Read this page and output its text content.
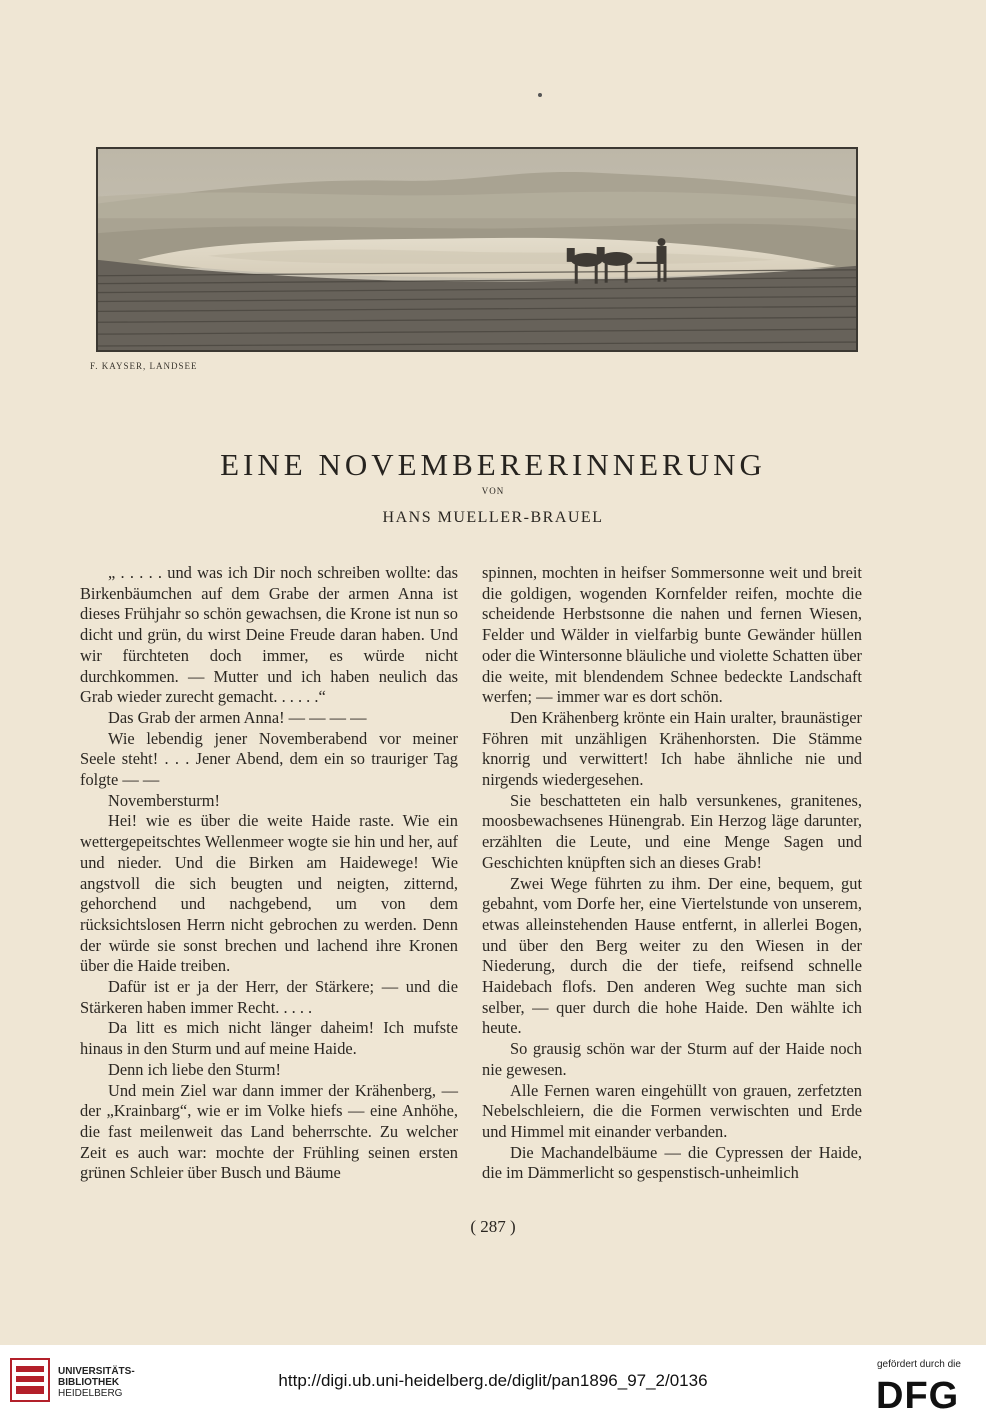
F. KAYSER, LANDSEE
EINE NOVEMBERERINNERUNG
VON
HANS MUELLER-BRAUEL

„ . . . . . und was ich Dir noch schreiben wollte: das Birkenbäumchen auf dem Grabe der armen Anna ist dieses Frühjahr so schön gewachsen, die Krone ist nun so dicht und grün, du wirst Deine Freude daran haben. Und wir fürchteten doch immer, es würde nicht durchkommen. — Mutter und ich haben neulich das Grab wieder zurecht gemacht. . . . . .“

Das Grab der armen Anna! — — — —

Wie lebendig jener Novemberabend vor meiner Seele steht! . . . Jener Abend, dem ein so trauriger Tag folgte — —

Novembersturm!

Hei! wie es über die weite Haide raste. Wie ein wettergepeitschtes Wellenmeer wogte sie hin und her, auf und nieder. Und die Birken am Haidewege! Wie angstvoll die sich beugten und neigten, zitternd, gehorchend und nachgebend, um von dem rücksichtslosen Herrn nicht gebrochen zu werden. Denn der würde sie sonst brechen und lachend ihre Kronen über die Haide treiben.

Dafür ist er ja der Herr, der Stärkere; — und die Stärkeren haben immer Recht. . . . .

Da litt es mich nicht länger daheim! Ich mufste hinaus in den Sturm und auf meine Haide.

Denn ich liebe den Sturm!

Und mein Ziel war dann immer der Krähenberg, — der „Krainbarg“, wie er im Volke hiefs — eine Anhöhe, die fast meilenweit das Land beherrschte. Zu welcher Zeit es auch war: mochte der Frühling seinen ersten grünen Schleier über Busch und Bäume

spinnen, mochten in heifser Sommersonne weit und breit die goldigen, wogenden Kornfelder reifen, mochte die scheidende Herbstsonne die nahen und fernen Wiesen, Felder und Wälder in vielfarbig bunte Gewänder hüllen oder die Wintersonne bläuliche und violette Schatten über die weite, mit blendendem Schnee bedeckte Landschaft werfen; — immer war es dort schön.

Den Krähenberg krönte ein Hain uralter, braunästiger Föhren mit unzähligen Krähenhorsten. Die Stämme knorrig und verwittert! Ich habe ähnliche nie und nirgends wiedergesehen.

Sie beschatteten ein halb versunkenes, granitenes, moosbewachsenes Hünengrab. Ein Herzog läge darunter, erzählten die Leute, und eine Menge Sagen und Geschichten knüpften sich an dieses Grab!

Zwei Wege führten zu ihm. Der eine, bequem, gut gebahnt, vom Dorfe her, eine Viertelstunde von unserem, etwas alleinstehenden Hause entfernt, in allerlei Bogen, und über den Berg weiter zu den Wiesen in der Niederung, durch die der tiefe, reifsend schnelle Haidebach flofs. Den anderen Weg suchte man sich selber, — quer durch die hohe Haide. Den wählte ich heute.

So grausig schön war der Sturm auf der Haide noch nie gewesen.

Alle Fernen waren eingehüllt von grauen, zerfetzten Nebelschleiern, die die Formen verwischten und Erde und Himmel mit einander verbanden.

Die Machandelbäume — die Cypressen der Haide, die im Dämmerlicht so gespenstisch-unheimlich

( 287 )
UNIVERSITÄTS-
BIBLIOTHEK
HEIDELBERG
http://digi.ub.uni-heidelberg.de/diglit/pan1896_97_2/0136
gefördert durch die
DFG
